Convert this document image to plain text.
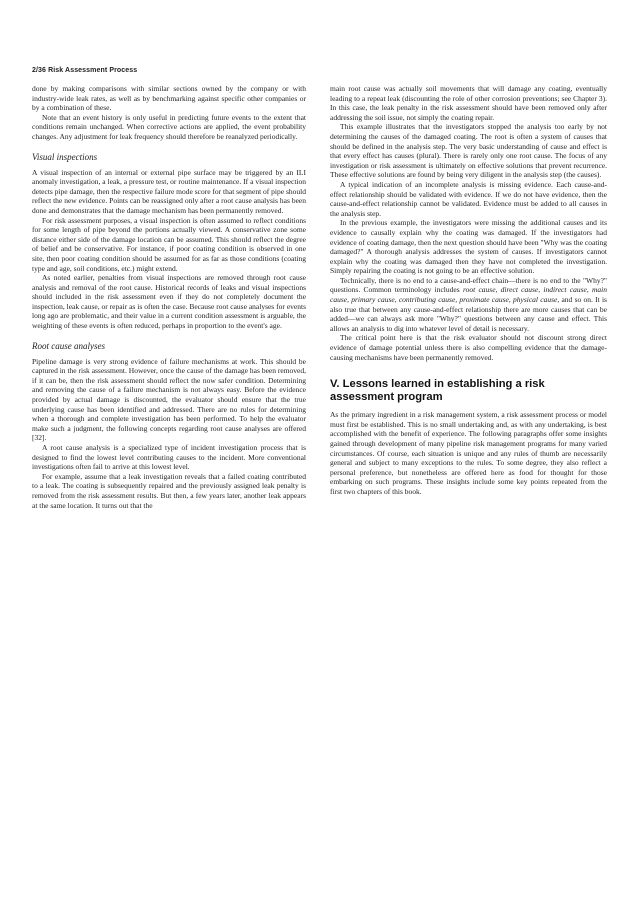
2/36 Risk Assessment Process

done by making comparisons with similar sections owned by the company or with industry-wide leak rates, as well as by benchmarking against specific other companies or by a combination of these.

Note that an event history is only useful in predicting future events to the extent that conditions remain unchanged. When corrective actions are applied, the event probability changes. Any adjustment for leak frequency should therefore be reanalyzed periodically.

Visual inspections

A visual inspection of an internal or external pipe surface may be triggered by an ILI anomaly investigation, a leak, a pressure test, or routine maintenance. If a visual inspection detects pipe damage, then the respective failure mode score for that segment of pipe should reflect the new evidence. Points can be reassigned only after a root cause analysis has been done and demonstrates that the damage mechanism has been permanently removed.

For risk assessment purposes, a visual inspection is often assumed to reflect conditions for some length of pipe beyond the portions actually viewed. A conservative zone some distance either side of the damage location can be assumed. This should reflect the degree of belief and be conservative. For instance, if poor coating condition is observed in one site, then poor coating condition should be assumed for as far as those conditions (coating type and age, soil conditions, etc.) might extend.

As noted earlier, penalties from visual inspections are removed through root cause analysis and removal of the root cause. Historical records of leaks and visual inspections should included in the risk assessment even if they do not completely document the inspection, leak cause, or repair as is often the case. Because root cause analyses for events long ago are problematic, and their value in a current condition assessment is arguable, the weighting of these events is often reduced, perhaps in proportion to the event's age.

Root cause analyses

Pipeline damage is very strong evidence of failure mechanisms at work. This should be captured in the risk assessment. However, once the cause of the damage has been removed, if it can be, then the risk assessment should reflect the now safer condition. Determining and removing the cause of a failure mechanism is not always easy. Before the evidence provided by actual damage is discounted, the evaluator should ensure that the true underlying cause has been identified and addressed. There are no rules for determining when a thorough and complete investigation has been performed. To help the evaluator make such a judgment, the following concepts regarding root cause analyses are offered [32].

A root cause analysis is a specialized type of incident investigation process that is designed to find the lowest level contributing causes to the incident. More conventional investigations often fail to arrive at this lowest level.

For example, assume that a leak investigation reveals that a failed coating contributed to a leak. The coating is subsequently repaired and the previously assigned leak penalty is removed from the risk assessment results. But then, a few years later, another leak appears at the same location. It turns out that the

main root cause was actually soil movements that will damage any coating, eventually leading to a repeat leak (discounting the role of other corrosion preventions; see Chapter 3). In this case, the leak penalty in the risk assessment should have been removed only after addressing the soil issue, not simply the coating repair.

This example illustrates that the investigators stopped the analysis too early by not determining the causes of the damaged coating. The root is often a system of causes that should be defined in the analysis step. The very basic understanding of cause and effect is that every effect has causes (plural). There is rarely only one root cause. The focus of any investigation or risk assessment is ultimately on effective solutions that prevent recurrence. These effective solutions are found by being very diligent in the analysis step (the causes).

A typical indication of an incomplete analysis is missing evidence. Each cause-and-effect relationship should be validated with evidence. If we do not have evidence, then the cause-and-effect relationship cannot be validated. Evidence must be added to all causes in the analysis step.

In the previous example, the investigators were missing the additional causes and its evidence to causally explain why the coating was damaged. If the investigators had evidence of coating damage, then the next question should have been "Why was the coating damaged?" A thorough analysis addresses the system of causes. If investigators cannot explain why the coating was damaged then they have not completed the investigation. Simply repairing the coating is not going to be an effective solution.

Technically, there is no end to a cause-and-effect chain—there is no end to the "Why?" questions. Common terminology includes root cause, direct cause, indirect cause, main cause, primary cause, contributing cause, proximate cause, physical cause, and so on. It is also true that between any cause-and-effect relationship there are more causes that can be added—we can always ask more "Why?" questions between any cause and effect. This allows an analysis to dig into whatever level of detail is necessary.

The critical point here is that the risk evaluator should not discount strong direct evidence of damage potential unless there is also compelling evidence that the damage-causing mechanisms have been permanently removed.

V. Lessons learned in establishing a risk assessment program

As the primary ingredient in a risk management system, a risk assessment process or model must first be established. This is no small undertaking and, as with any undertaking, is best accomplished with the benefit of experience. The following paragraphs offer some insights gained through development of many pipeline risk management programs for many varied circumstances. Of course, each situation is unique and any rules of thumb are necessarily general and subject to many exceptions to the rules. To some degree, they also reflect a personal preference, but nonetheless are offered here as food for thought for those embarking on such programs. These insights include some key points repeated from the first two chapters of this book.
